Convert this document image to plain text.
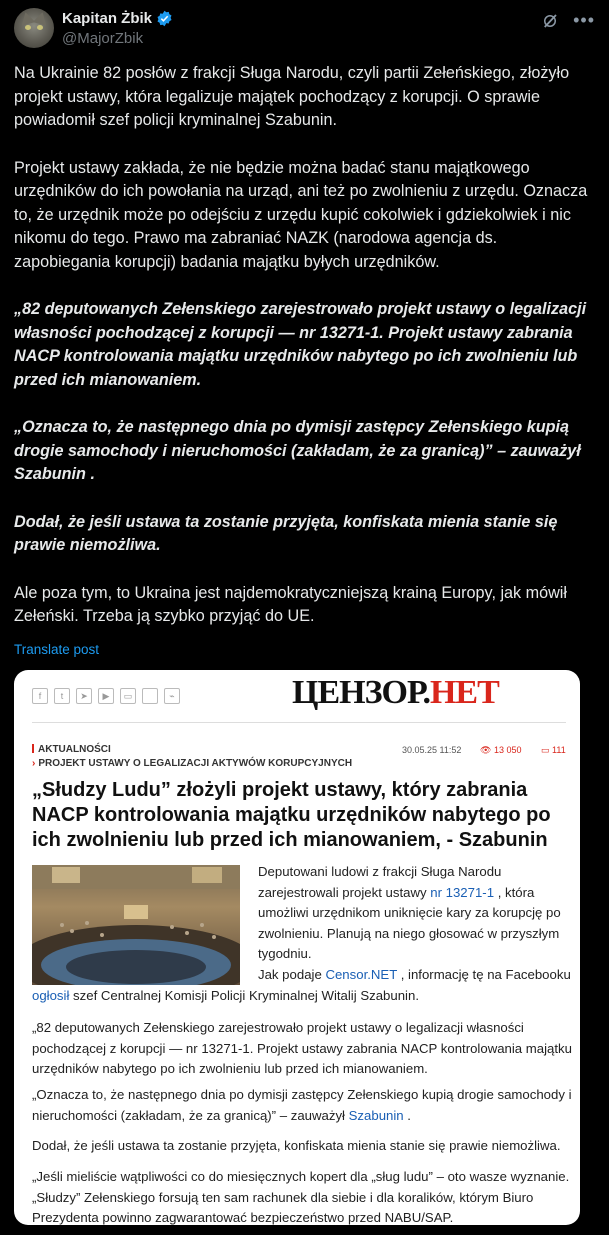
Kapitan Żbik
@MajorZbik
•••

Na Ukrainie 82 posłów z frakcji Sługa Narodu, czyli partii Zełeńskiego, złożyło projekt ustawy, która legalizuje majątek pochodzący z korupcji. O sprawie powiadomił szef policji kryminalnej Szabunin.

Projekt ustawy zakłada, że nie będzie można badać stanu majątkowego urzędników do ich powołania na urząd, ani też po zwolnieniu z urzędu. Oznacza to, że urzędnik może po odejściu z urzędu kupić cokolwiek i gdziekolwiek i nic nikomu do tego. Prawo ma zabraniać NAZK (narodowa agencja ds. zapobiegania korupcji) badania majątku byłych urzędników.

„82 deputowanych Zełenskiego zarejestrowało projekt ustawy o legalizacji własności pochodzącej z korupcji — nr 13271-1. Projekt ustawy zabrania NACP kontrolowania majątku urzędników nabytego po ich zwolnieniu lub przed ich mianowaniem.

„Oznacza to, że następnego dnia po dymisji zastępcy Zełenskiego kupią drogie samochody i nieruchomości (zakładam, że za granicą)” – zauważył Szabunin .

Dodał, że jeśli ustawa ta zostanie przyjęta, konfiskata mienia stanie się prawie niemożliwa.

Ale poza tym, to Ukraina jest najdemokratyczniejszą krainą Europy, jak mówił Zełeński. Trzeba ją szybko przyjąć do UE.

Translate post
f	t	➤	▶	▭	⌁	ЦЕНЗОР.НЕТ
AKTUALNOŚCI
› PROJEKT USTAWY O LEGALIZACJI AKTYWÓW KORUPCYJNYCH
30.05.25 11:52 👁 13 050 ▭ 111
„Słudzy Ludu” złożyli projekt ustawy, który zabrania NACP kontrolowania majątku urzędników nabytego po ich zwolnieniu lub przed ich mianowaniem, - Szabunin
Deputowani ludowi z frakcji Sługa Narodu zarejestrowali projekt ustawy nr 13271-1 , która umożliwi urzędnikom uniknięcie kary za korupcję po zwolnieniu. Planują na niego głosować w przyszłym tygodniu.
Jak podaje Censor.NET , informację tę na Facebooku ogłosił szef Centralnej Komisji Policji Kryminalnej Witalij Szabunin.
„82 deputowanych Zełenskiego zarejestrowało projekt ustawy o legalizacji własności pochodzącej z korupcji — nr 13271-1. Projekt ustawy zabrania NACP kontrolowania majątku urzędników nabytego po ich zwolnieniu lub przed ich mianowaniem.
„Oznacza to, że następnego dnia po dymisji zastępcy Zełenskiego kupią drogie samochody i nieruchomości (zakładam, że za granicą)” – zauważył Szabunin .
Dodał, że jeśli ustawa ta zostanie przyjęta, konfiskata mienia stanie się prawie niemożliwa.
„Jeśli mieliście wątpliwości co do miesięcznych kopert dla „sług ludu” – oto wasze wyznanie. „Słudzy” Zełenskiego forsują ten sam rachunek dla siebie i dla koralików, którym Biuro Prezydenta powinno zagwarantować bezpieczeństwo przed NABU/SAP.
